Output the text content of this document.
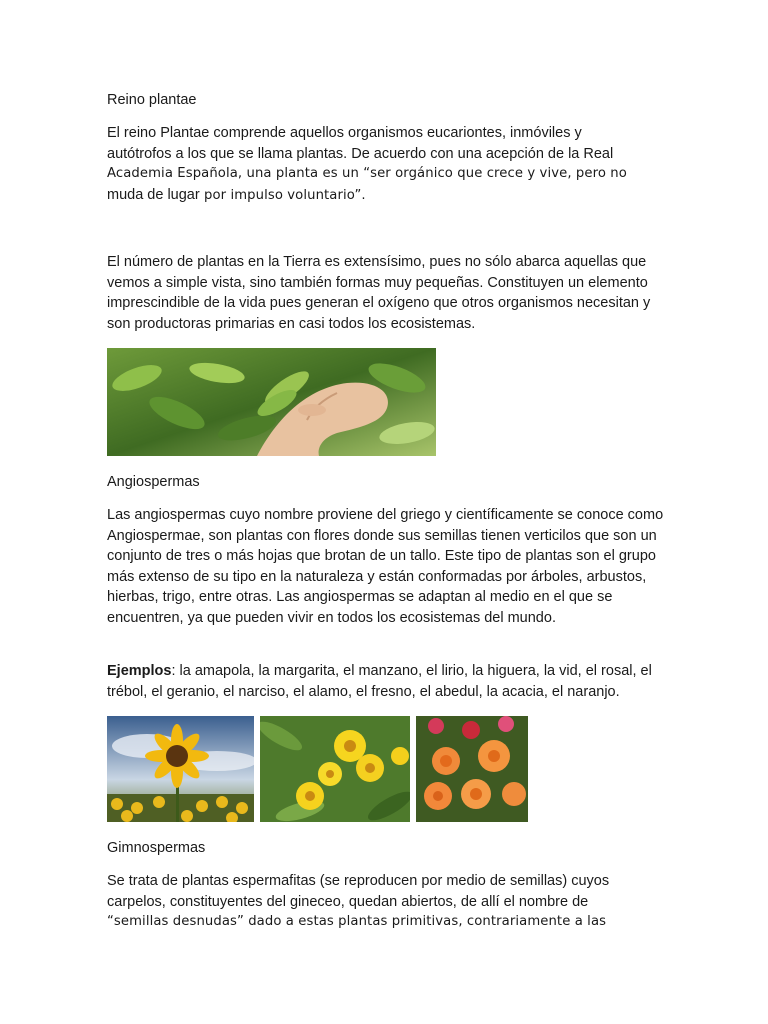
Reino plantae
El reino Plantae comprende aquellos organismos eucariontes, inmóviles y
autótrofos a los que se llama plantas. De acuerdo con una acepción de la Real
Academia Española, una planta es un “ser orgánico que crece y vive, pero no
muda de lugar por impulso voluntario”.

El número de plantas en la Tierra es extensísimo, pues no sólo abarca aquellas que vemos a simple vista, sino también formas muy pequeñas. Constituyen un elemento imprescindible de la vida pues generan el oxígeno que otros organismos necesitan y son productoras primarias en casi todos los ecosistemas.

Angiospermas

Las angiospermas cuyo nombre proviene del griego y científicamente se conoce como Angiospermae, son plantas con flores donde sus semillas tienen verticilos que son un conjunto de tres o más hojas que brotan de un tallo. Este tipo de plantas son el grupo más extenso de su tipo en la naturaleza y están conformadas por árboles, arbustos, hierbas, trigo, entre otras. Las angiospermas se adaptan al medio en el que se encuentren, ya que pueden vivir en todos los ecosistemas del mundo.

Ejemplos: la amapola, la margarita, el manzano, el lirio, la higuera, la vid, el rosal, el trébol, el geranio, el narciso, el alamo, el fresno, el abedul, la acacia, el naranjo.

Gimnospermas
Se trata de plantas espermafitas (se reproducen por medio de semillas) cuyos
carpelos, constituyentes del gineceo, quedan abiertos, de allí el nombre de
“semillas desnudas” dado a estas plantas primitivas, contrariamente a las
